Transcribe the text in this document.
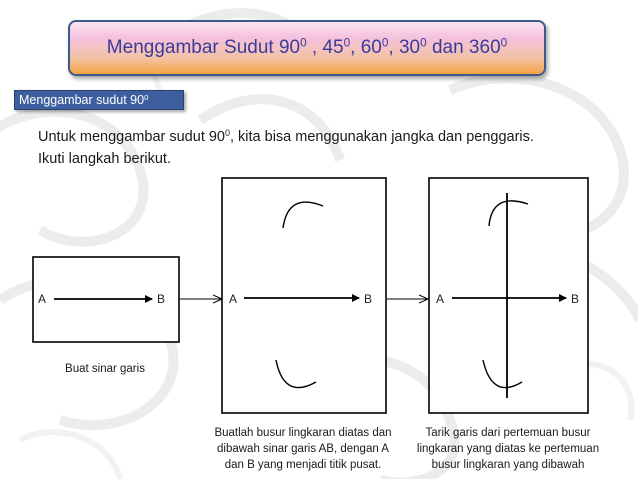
Menggambar Sudut $90^0$ , $45^0$, $60^0$, $30^0$ dan $360^0$
Menggambar sudut $90^0$
Untuk menggambar sudut $90^0$, kita bisa menggunakan jangka dan penggaris.
Ikuti langkah berikut.
A	B	A	B	A	B
Buat sinar garis
Buatlah busur lingkaran diatas dan
dibawah sinar garis AB, dengan A
dan B yang menjadi titik pusat.
Tarik garis dari pertemuan busur
lingkaran yang diatas ke pertemuan
busur lingkaran yang dibawah
